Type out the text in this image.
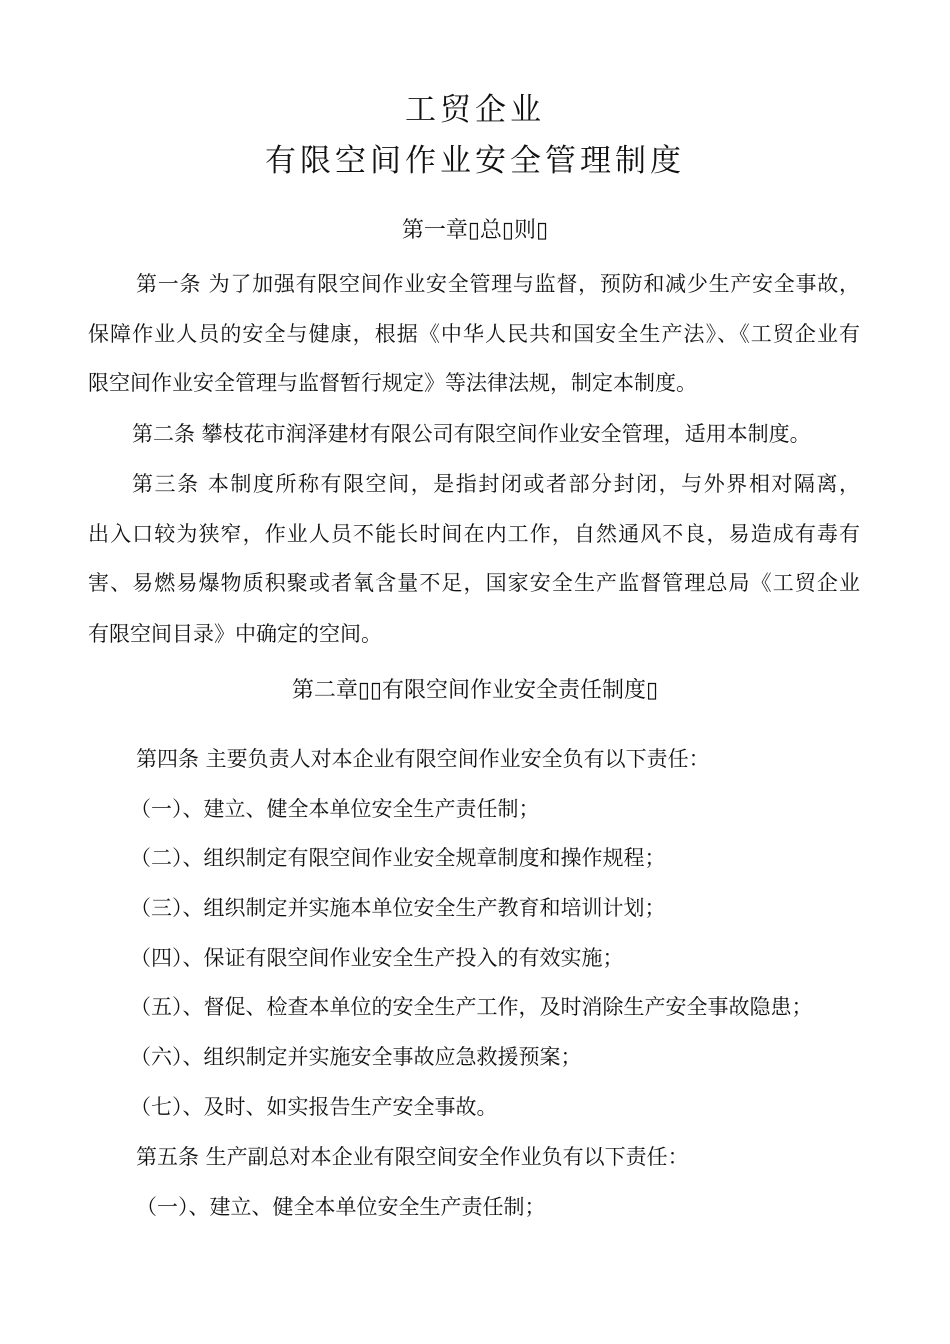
工贸企业
有限空间作业安全管理制度
第一章▯总▯则▯
第一条 为了加强有限空间作业安全管理与监督，预防和减少生产安全事故，
保障作业人员的安全与健康，根据《中华人民共和国安全生产法》、《工贸企业有
限空间作业安全管理与监督暂行规定》等法律法规，制定本制度。
第二条 攀枝花市润泽建材有限公司有限空间作业安全管理，适用本制度。
第三条 本制度所称有限空间，是指封闭或者部分封闭，与外界相对隔离，
出入口较为狭窄，作业人员不能长时间在内工作，自然通风不良，易造成有毒有
害、易燃易爆物质积聚或者氧含量不足，国家安全生产监督管理总局《工贸企业
有限空间目录》中确定的空间。
第二章▯▯有限空间作业安全责任制度▯
第四条 主要负责人对本企业有限空间作业安全负有以下责任：
（一）、建立、健全本单位安全生产责任制；
（二）、组织制定有限空间作业安全规章制度和操作规程；
（三）、组织制定并实施本单位安全生产教育和培训计划；
（四）、保证有限空间作业安全生产投入的有效实施；
（五）、督促、检查本单位的安全生产工作，及时消除生产安全事故隐患；
（六）、组织制定并实施安全事故应急救援预案；
（七）、及时、如实报告生产安全事故。
第五条 生产副总对本企业有限空间安全作业负有以下责任：
（一）、建立、健全本单位安全生产责任制；
